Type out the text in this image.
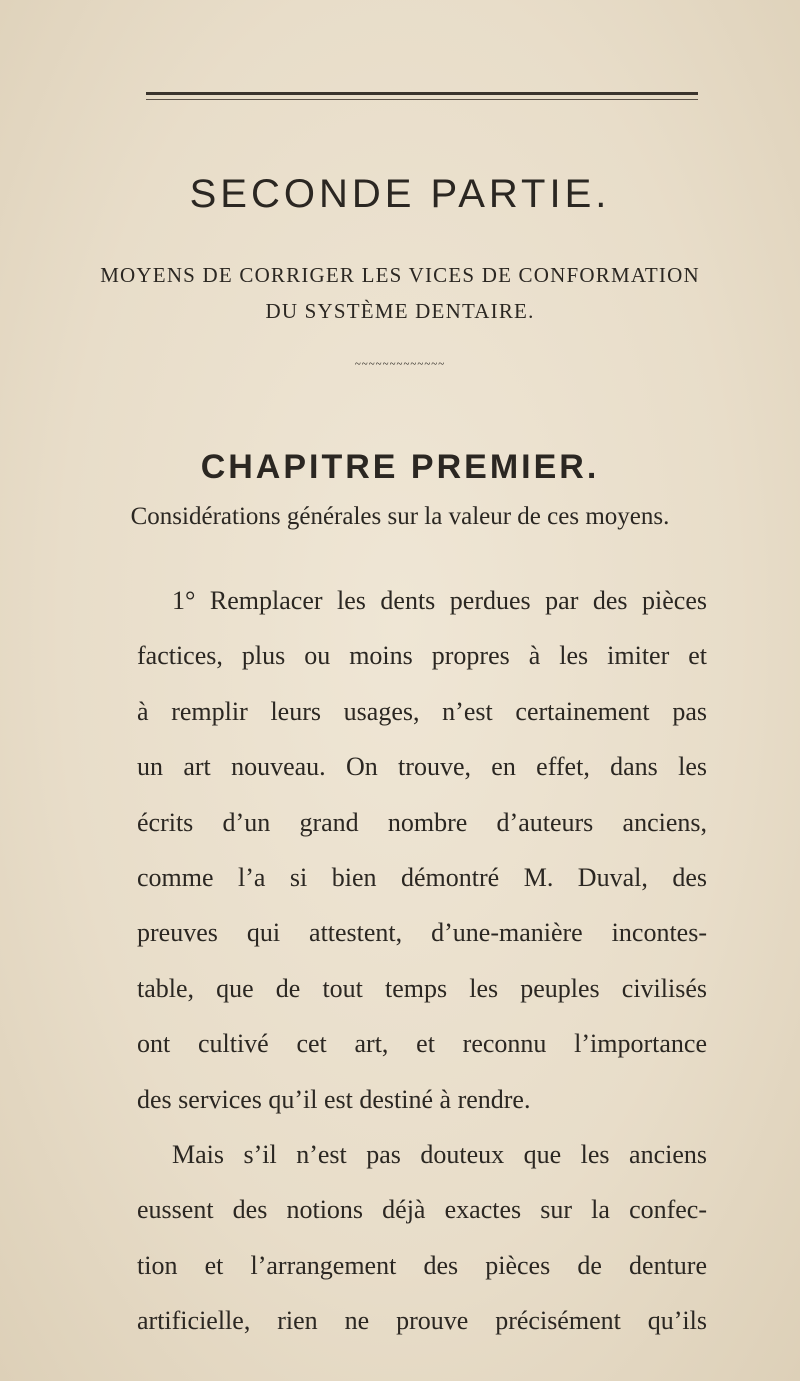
SECONDE PARTIE.
MOYENS DE CORRIGER LES VICES DE CONFORMATION
DU SYSTÈME DENTAIRE.
~~~~~~~~~~~~~
CHAPITRE PREMIER.
Considérations générales sur la valeur de ces moyens.
1° Remplacer les dents perdues par des pièces
factices, plus ou moins propres à les imiter et
à remplir leurs usages, n’est certainement pas
un art nouveau. On trouve, en effet, dans les
écrits d’un grand nombre d’auteurs anciens,
comme l’a si bien démontré M. Duval, des
preuves qui attestent, d’une-manière incontes-
table, que de tout temps les peuples civilisés
ont cultivé cet art, et reconnu l’importance
des services qu’il est destiné à rendre.
Mais s’il n’est pas douteux que les anciens
eussent des notions déjà exactes sur la confec-
tion et l’arrangement des pièces de denture
artificielle, rien ne prouve précisément qu’ils
